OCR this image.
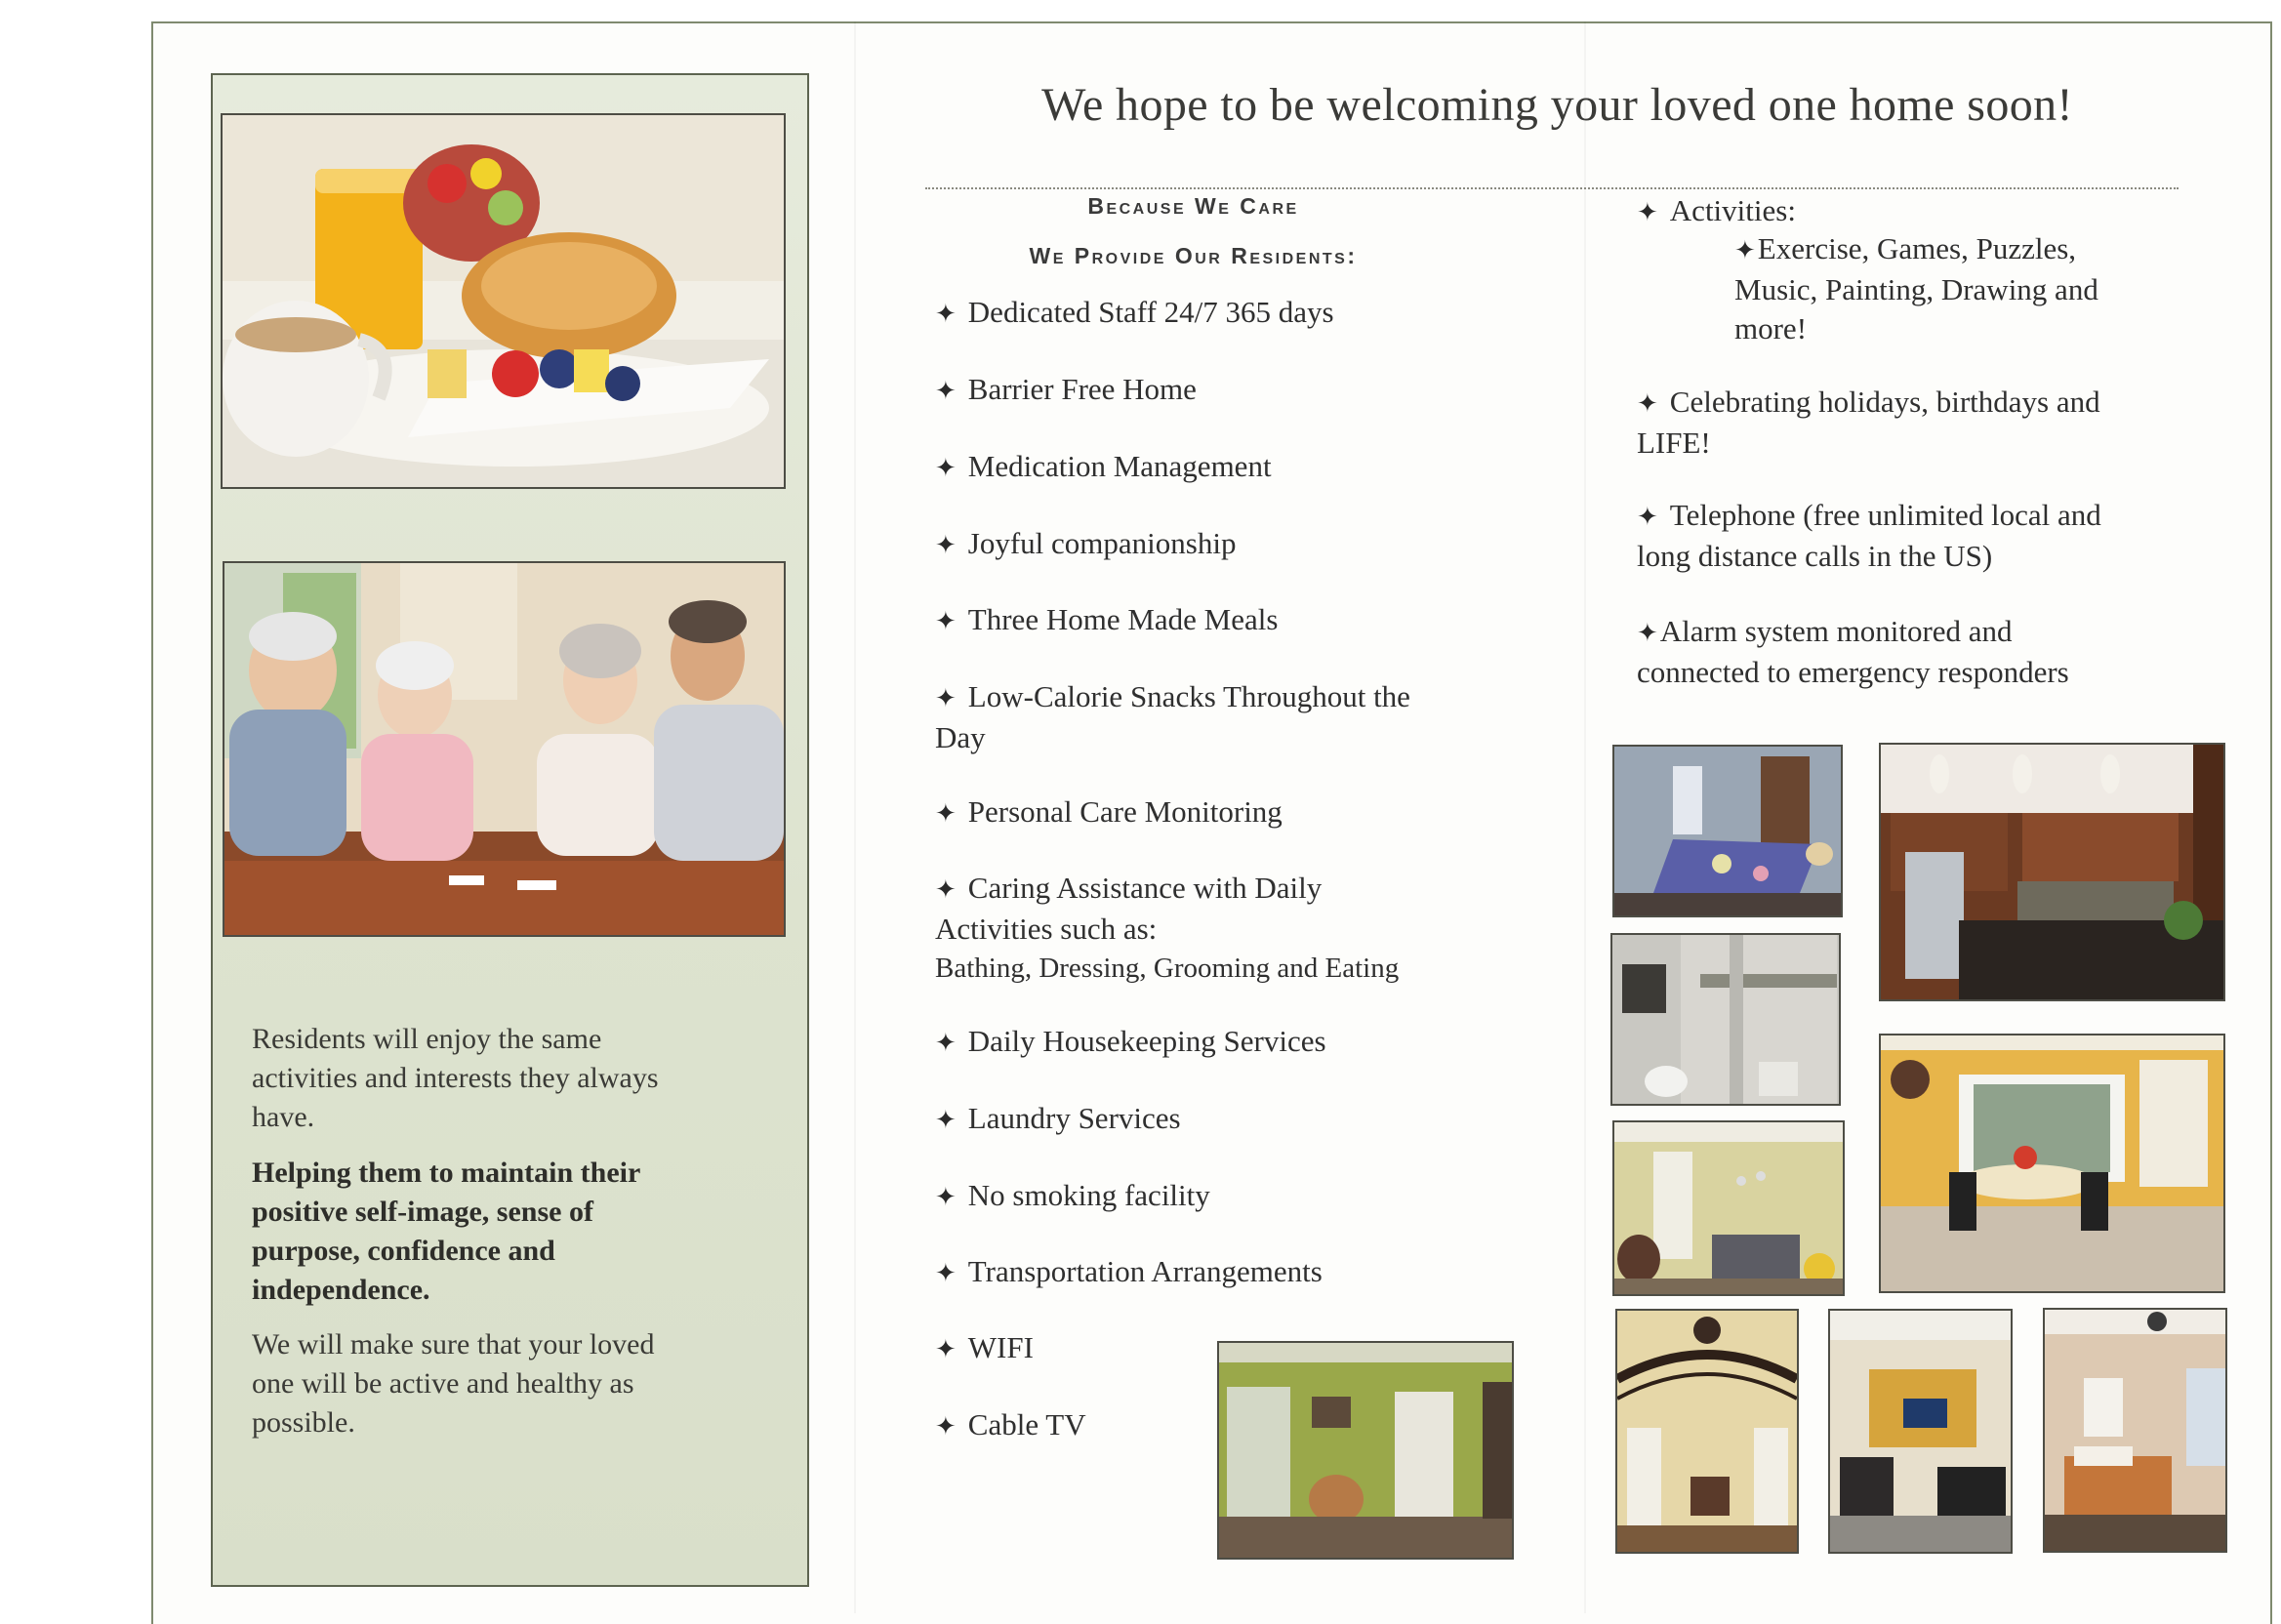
Residents will enjoy the same
activities and interests they always
have.
Helping them to maintain their
positive self-image, sense of
purpose, confidence and
independence.
We will make sure that your loved
one will be active and healthy as
possible.
We hope to be welcoming your loved one home soon!
Because We Care
We Provide Our Residents:
✦ Dedicated Staff 24/7 365 days
✦ Barrier Free Home
✦ Medication Management
✦ Joyful companionship
✦ Three Home Made Meals
✦ Low-Calorie Snacks Throughout the
Day
✦ Personal Care Monitoring
✦ Caring Assistance with Daily
Activities such as:
Bathing, Dressing, Grooming and Eating
✦ Daily Housekeeping Services
✦ Laundry Services
✦ No smoking facility
✦ Transportation Arrangements
✦ WIFI
✦ Cable TV
✦ Activities:
✦Exercise, Games, Puzzles,
Music, Painting, Drawing and
more!
✦ Celebrating holidays, birthdays and
LIFE!
✦ Telephone (free unlimited local and
long distance calls in the US)
✦Alarm system monitored and
connected to emergency responders
